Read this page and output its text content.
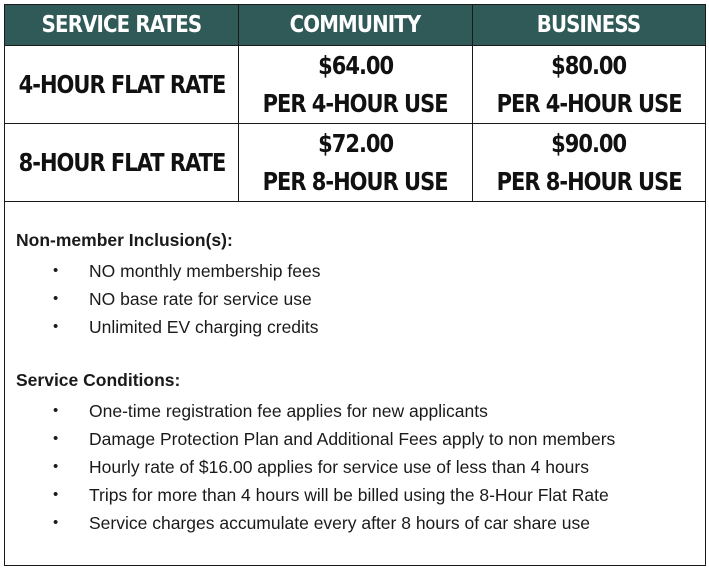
SERVICE RATES	COMMUNITY	BUSINESS
4-HOUR FLAT RATE
$64.00
PER 4-HOUR USE
$80.00
PER 4-HOUR USE
8-HOUR FLAT RATE
$72.00
PER 8-HOUR USE
$90.00
PER 8-HOUR USE
Non-member Inclusion(s):
• NO monthly membership fees
• NO base rate for service use
• Unlimited EV charging credits
Service Conditions:
• One-time registration fee applies for new applicants
• Damage Protection Plan and Additional Fees apply to non members
• Hourly rate of $16.00 applies for service use of less than 4 hours
• Trips for more than 4 hours will be billed using the 8-Hour Flat Rate
• Service charges accumulate every after 8 hours of car share use
